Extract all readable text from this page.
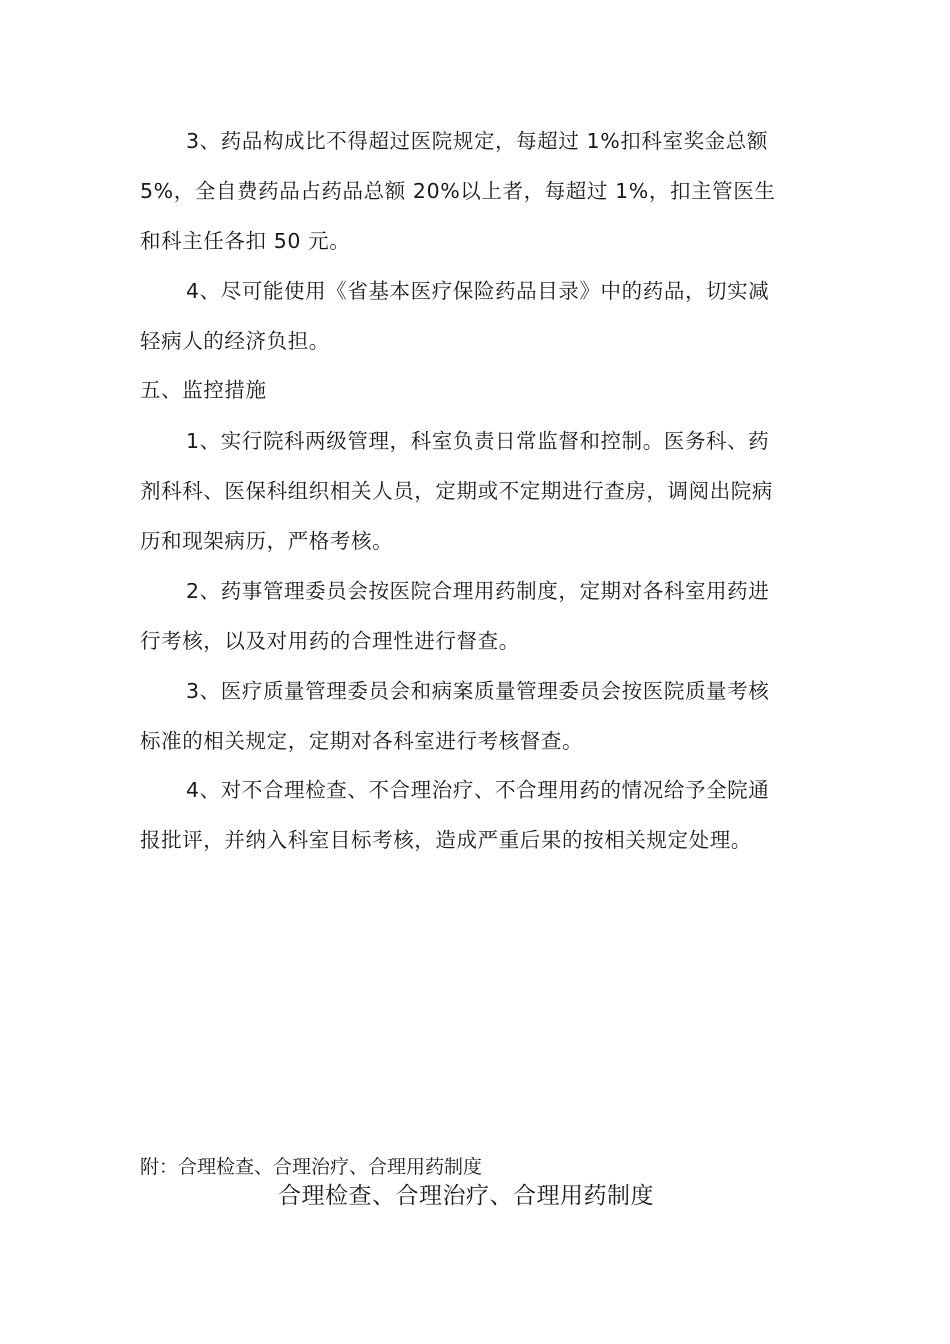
3、药品构成比不得超过医院规定，每超过 1%扣科室奖金总额
5%，全自费药品占药品总额 20%以上者，每超过 1%，扣主管医生
和科主任各扣 50 元。
4、尽可能使用《省基本医疗保险药品目录》中的药品，切实减
轻病人的经济负担。
五、监控措施
1、实行院科两级管理，科室负责日常监督和控制。医务科、药
剂科科、医保科组织相关人员，定期或不定期进行查房，调阅出院病
历和现架病历，严格考核。
2、药事管理委员会按医院合理用药制度，定期对各科室用药进
行考核，以及对用药的合理性进行督查。
3、医疗质量管理委员会和病案质量管理委员会按医院质量考核
标准的相关规定，定期对各科室进行考核督查。
4、对不合理检查、不合理治疗、不合理用药的情况给予全院通
报批评，并纳入科室目标考核，造成严重后果的按相关规定处理。
附：合理检查、合理治疗、合理用药制度
合理检查、合理治疗、合理用药制度
